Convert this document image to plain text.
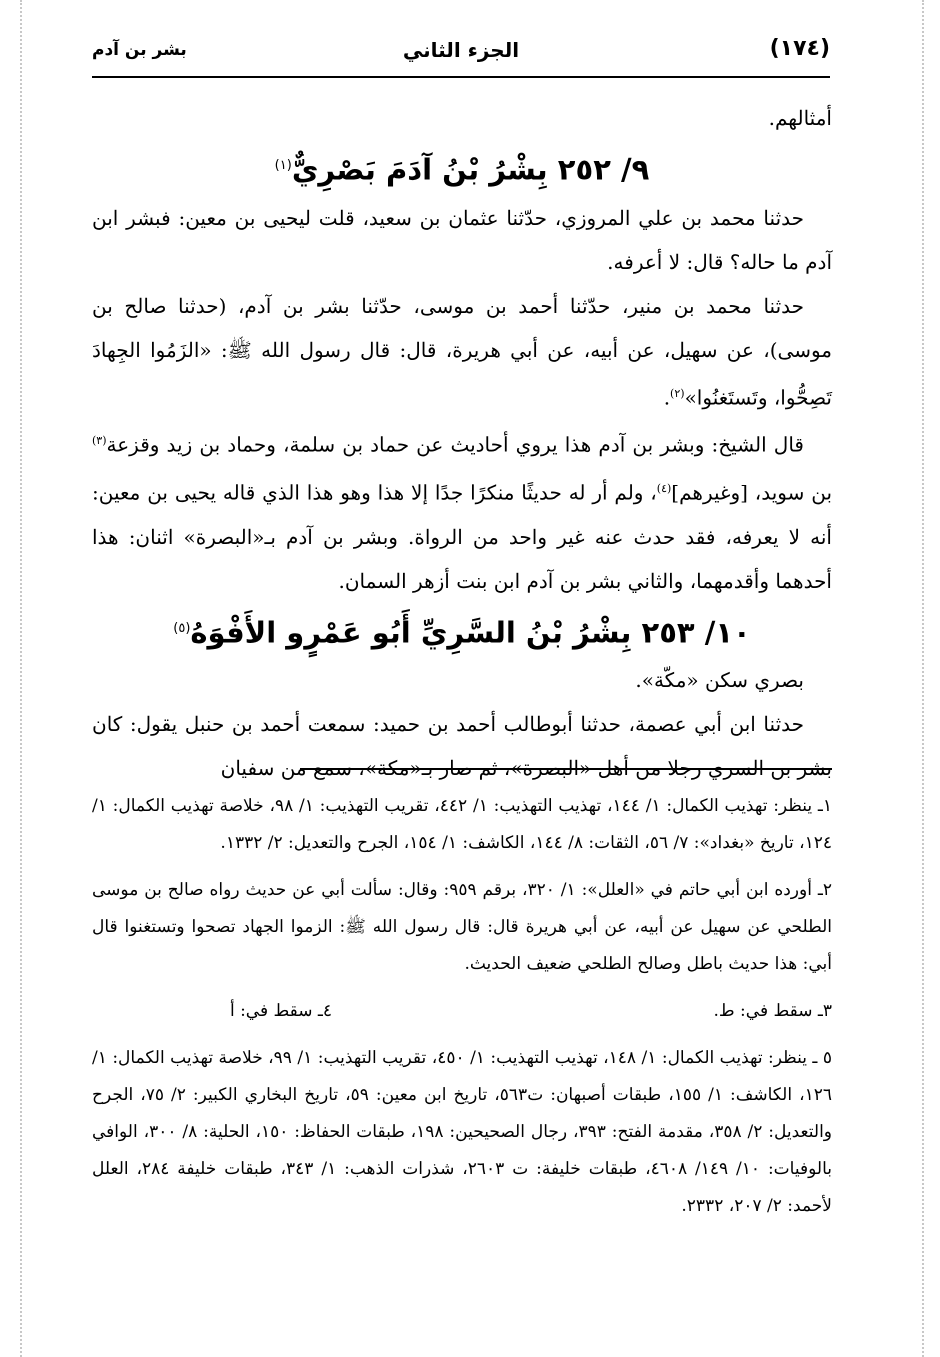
(١٧٤)
الجزء الثاني
بشر بن آدم

أمثالهم.

٩/ ٢٥٢ بِشْرُ بْنُ آدَمَ بَصْرِيٌّ$^{(١)}$

حدثنا محمد بن علي المروزي، حدّثنا عثمان بن سعيد، قلت ليحيى بن معين: فبشر ابن آدم ما حاله؟ قال: لا أعرفه.

حدثنا محمد بن منير، حدّثنا أحمد بن موسى، حدّثنا بشر بن آدم، (حدثنا صالح بن موسى)، عن سهيل، عن أبيه، عن أبي هريرة، قال: قال رسول الله ﷺ: «الزَمُوا الجِهادَ تَصِحُّوا، وتَستَغنُوا»$^{(٢)}$.

قال الشيخ: وبشر بن آدم هذا يروي أحاديث عن حماد بن سلمة، وحماد بن زيد وقزعة$^{(٣)}$ بن سويد، [وغيرهم]$^{(٤)}$، ولم أر له حديثًا منكرًا جدًا إلا هذا وهو هذا الذي قاله يحيى بن معين: أنه لا يعرفه، فقد حدث عنه غير واحد من الرواة. وبشر بن آدم بـ«البصرة» اثنان: هذا أحدهما وأقدمهما، والثاني بشر بن آدم ابن بنت أزهر السمان.

١٠/ ٢٥٣ بِشْرُ بْنُ السَّرِيِّ أَبُو عَمْرٍو الأَفْوَهُ$^{(٥)}$

بصري سكن «مكّة».

حدثنا ابن أبي عصمة، حدثنا أبوطالب أحمد بن حميد: سمعت أحمد بن حنبل يقول: كان بشر بن السري رجلا من أهل «البصرة»، ثم صار بـ«مكة»، سمع من سفيان

١ـ ينظر: تهذيب الكمال: ١/ ١٤٤، تهذيب التهذيب: ١/ ٤٤٢، تقريب التهذيب: ١/ ٩٨، خلاصة تهذيب الكمال: ١/ ١٢٤، تاريخ «بغداد»: ٧/ ٥٦، الثقات: ٨/ ١٤٤، الكاشف: ١/ ١٥٤، الجرح والتعديل: ٢/ ١٣٣٢.

٢ـ أورده ابن أبي حاتم في «العلل»: ١/ ٣٢٠، برقم ٩٥٩: وقال: سألت أبي عن حديث رواه صالح بن موسى الطلحي عن سهيل عن أبيه، عن أبي هريرة قال: قال رسول الله ﷺ: الزموا الجهاد تصحوا وتستغنوا قال أبي: هذا حديث باطل وصالح الطلحي ضعيف الحديث.

٣ـ سقط في: ط.
٤ـ سقط في: أ

٥ ـ ينظر: تهذيب الكمال: ١/ ١٤٨، تهذيب التهذيب: ١/ ٤٥٠، تقريب التهذيب: ١/ ٩٩، خلاصة تهذيب الكمال: ١/ ١٢٦، الكاشف: ١/ ١٥٥، طبقات أصبهان: ت٥٦٣، تاريخ ابن معين: ٥٩، تاريخ البخاري الكبير: ٢/ ٧٥، الجرح والتعديل: ٢/ ٣٥٨، مقدمة الفتح: ٣٩٣، رجال الصحيحين: ١٩٨، طبقات الحفاظ: ١٥٠، الحلية: ٨/ ٣٠٠، الوافي بالوفيات: ١٠/ ١٤٩/ ٤٦٠٨، طبقات خليفة: ت ٢٦٠٣، شذرات الذهب: ١/ ٣٤٣، طبقات خليفة ٢٨٤، العلل لأحمد: ٢/ ٢٠٧، ٢٣٣٢.
